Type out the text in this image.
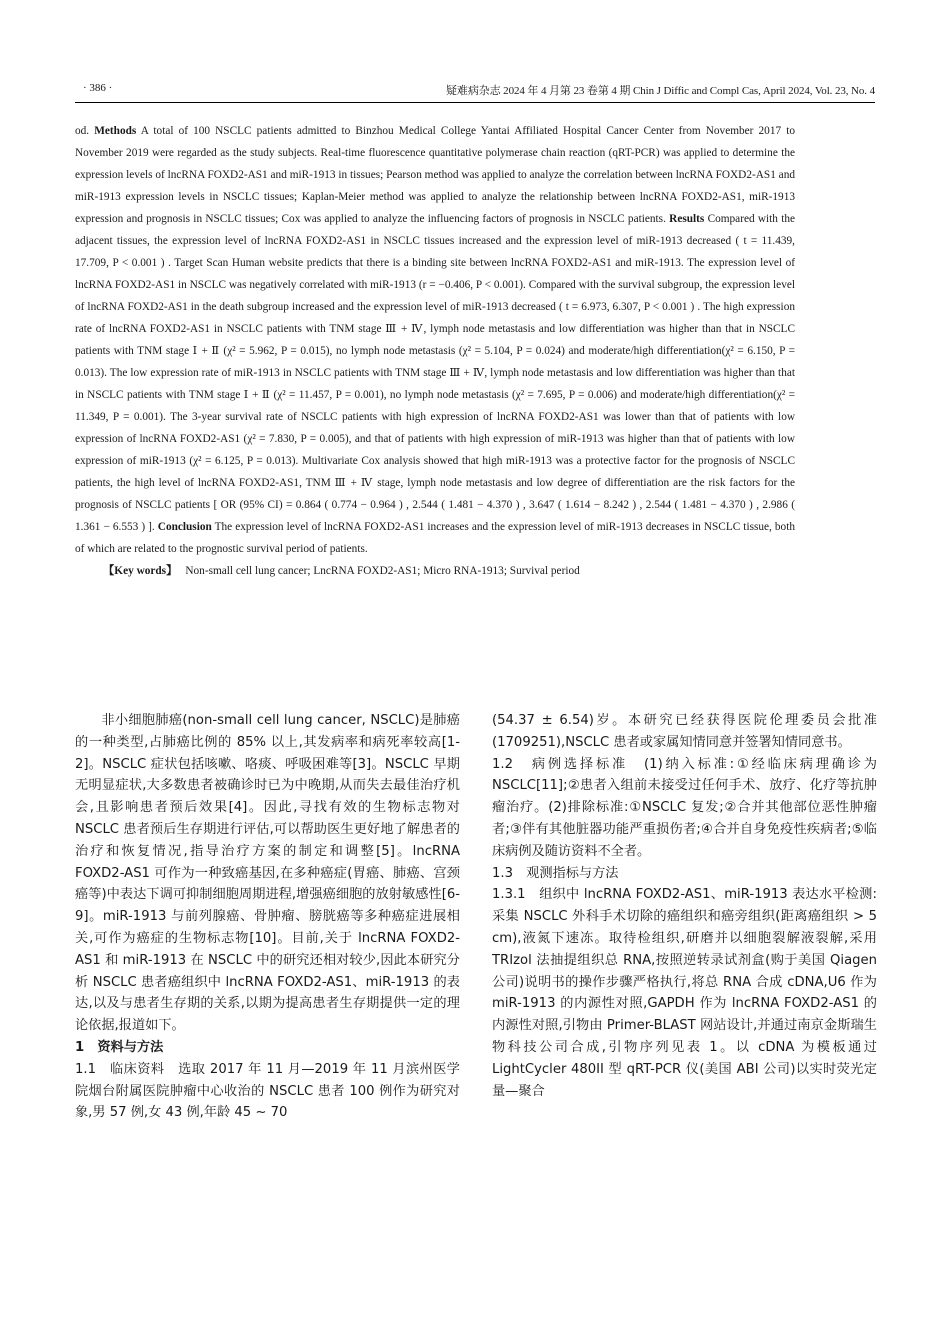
· 386 ·	疑难病杂志 2024 年 4 月第 23 卷第 4 期 Chin J Diffic and Compl Cas, April 2024, Vol. 23, No. 4

od. Methods A total of 100 NSCLC patients admitted to Binzhou Medical College Yantai Affiliated Hospital Cancer Center from November 2017 to November 2019 were regarded as the study subjects. Real-time fluorescence quantitative polymerase chain reaction (qRT-PCR) was applied to determine the expression levels of lncRNA FOXD2-AS1 and miR-1913 in tissues; Pearson method was applied to analyze the correlation between lncRNA FOXD2-AS1 and miR-1913 expression levels in NSCLC tissues; Kaplan-Meier method was applied to analyze the relationship between lncRNA FOXD2-AS1, miR-1913 expression and prognosis in NSCLC tissues; Cox was applied to analyze the influencing factors of prognosis in NSCLC patients. Results Compared with the adjacent tissues, the expression level of lncRNA FOXD2-AS1 in NSCLC tissues increased and the expression level of miR-1913 decreased ( t = 11.439, 17.709, P < 0.001 ) . Target Scan Human website predicts that there is a binding site between lncRNA FOXD2-AS1 and miR-1913. The expression level of lncRNA FOXD2-AS1 in NSCLC was negatively correlated with miR-1913 (r = −0.406, P < 0.001). Compared with the survival subgroup, the expression level of lncRNA FOXD2-AS1 in the death subgroup increased and the expression level of miR-1913 decreased ( t = 6.973, 6.307, P < 0.001 ) . The high expression rate of lncRNA FOXD2-AS1 in NSCLC patients with TNM stage Ⅲ + Ⅳ, lymph node metastasis and low differentiation was higher than that in NSCLC patients with TNM stage Ⅰ + Ⅱ (χ² = 5.962, P = 0.015), no lymph node metastasis (χ² = 5.104, P = 0.024) and moderate/high differentiation(χ² = 6.150, P = 0.013). The low expression rate of miR-1913 in NSCLC patients with TNM stage Ⅲ + Ⅳ, lymph node metastasis and low differentiation was higher than that in NSCLC patients with TNM stage Ⅰ + Ⅱ (χ² = 11.457, P = 0.001), no lymph node metastasis (χ² = 7.695, P = 0.006) and moderate/high differentiation(χ² = 11.349, P = 0.001). The 3-year survival rate of NSCLC patients with high expression of lncRNA FOXD2-AS1 was lower than that of patients with low expression of lncRNA FOXD2-AS1 (χ² = 7.830, P = 0.005), and that of patients with high expression of miR-1913 was higher than that of patients with low expression of miR-1913 (χ² = 6.125, P = 0.013). Multivariate Cox analysis showed that high miR-1913 was a protective factor for the prognosis of NSCLC patients, the high level of lncRNA FOXD2-AS1, TNM Ⅲ + Ⅳ stage, lymph node metastasis and low degree of differentiation are the risk factors for the prognosis of NSCLC patients [ OR (95% CI) = 0.864 ( 0.774 − 0.964 ) , 2.544 ( 1.481 − 4.370 ) , 3.647 ( 1.614 − 8.242 ) , 2.544 ( 1.481 − 4.370 ) , 2.986 ( 1.361 − 6.553 ) ]. Conclusion The expression level of lncRNA FOXD2-AS1 increases and the expression level of miR-1913 decreases in NSCLC tissue, both of which are related to the prognostic survival period of patients.

【Key words】 Non-small cell lung cancer; LncRNA FOXD2-AS1; Micro RNA-1913; Survival period

非小细胞肺癌(non-small cell lung cancer, NSCLC)是肺癌的一种类型,占肺癌比例的 85% 以上,其发病率和病死率较高[1-2]。NSCLC 症状包括咳嗽、咯痰、呼吸困难等[3]。NSCLC 早期无明显症状,大多数患者被确诊时已为中晚期,从而失去最佳治疗机会,且影响患者预后效果[4]。因此,寻找有效的生物标志物对 NSCLC 患者预后生存期进行评估,可以帮助医生更好地了解患者的治疗和恢复情况,指导治疗方案的制定和调整[5]。lncRNA FOXD2-AS1 可作为一种致癌基因,在多种癌症(胃癌、肺癌、宫颈癌等)中表达下调可抑制细胞周期进程,增强癌细胞的放射敏感性[6-9]。miR-1913 与前列腺癌、骨肿瘤、膀胱癌等多种癌症进展相关,可作为癌症的生物标志物[10]。目前,关于 lncRNA FOXD2-AS1 和 miR-1913 在 NSCLC 中的研究还相对较少,因此本研究分析 NSCLC 患者癌组织中 lncRNA FOXD2-AS1、miR-1913 的表达,以及与患者生存期的关系,以期为提高患者生存期提供一定的理论依据,报道如下。

1　资料与方法

1.1　临床资料　选取 2017 年 11 月—2019 年 11 月滨州医学院烟台附属医院肿瘤中心收治的 NSCLC 患者 100 例作为研究对象,男 57 例,女 43 例,年龄 45 ~ 70

(54.37 ± 6.54)岁。本研究已经获得医院伦理委员会批准(1709251),NSCLC 患者或家属知情同意并签署知情同意书。

1.2　病例选择标准　(1)纳入标准:①经临床病理确诊为 NSCLC[11];②患者入组前未接受过任何手术、放疗、化疗等抗肿瘤治疗。(2)排除标准:①NSCLC 复发;②合并其他部位恶性肿瘤者;③伴有其他脏器功能严重损伤者;④合并自身免疫性疾病者;⑤临床病例及随访资料不全者。

1.3　观测指标与方法

1.3.1　组织中 lncRNA FOXD2-AS1、miR-1913 表达水平检测:采集 NSCLC 外科手术切除的癌组织和癌旁组织(距离癌组织 > 5 cm),液氮下速冻。取待检组织,研磨并以细胞裂解液裂解,采用 TRIzol 法抽提组织总 RNA,按照逆转录试剂盒(购于美国 Qiagen 公司)说明书的操作步骤严格执行,将总 RNA 合成 cDNA,U6 作为 miR-1913 的内源性对照,GAPDH 作为 lncRNA FOXD2-AS1 的内源性对照,引物由 Primer-BLAST 网站设计,并通过南京金斯瑞生物科技公司合成,引物序列见表 1。以 cDNA 为模板通过 LightCycler 480II 型 qRT-PCR 仪(美国 ABI 公司)以实时荧光定量—聚合
